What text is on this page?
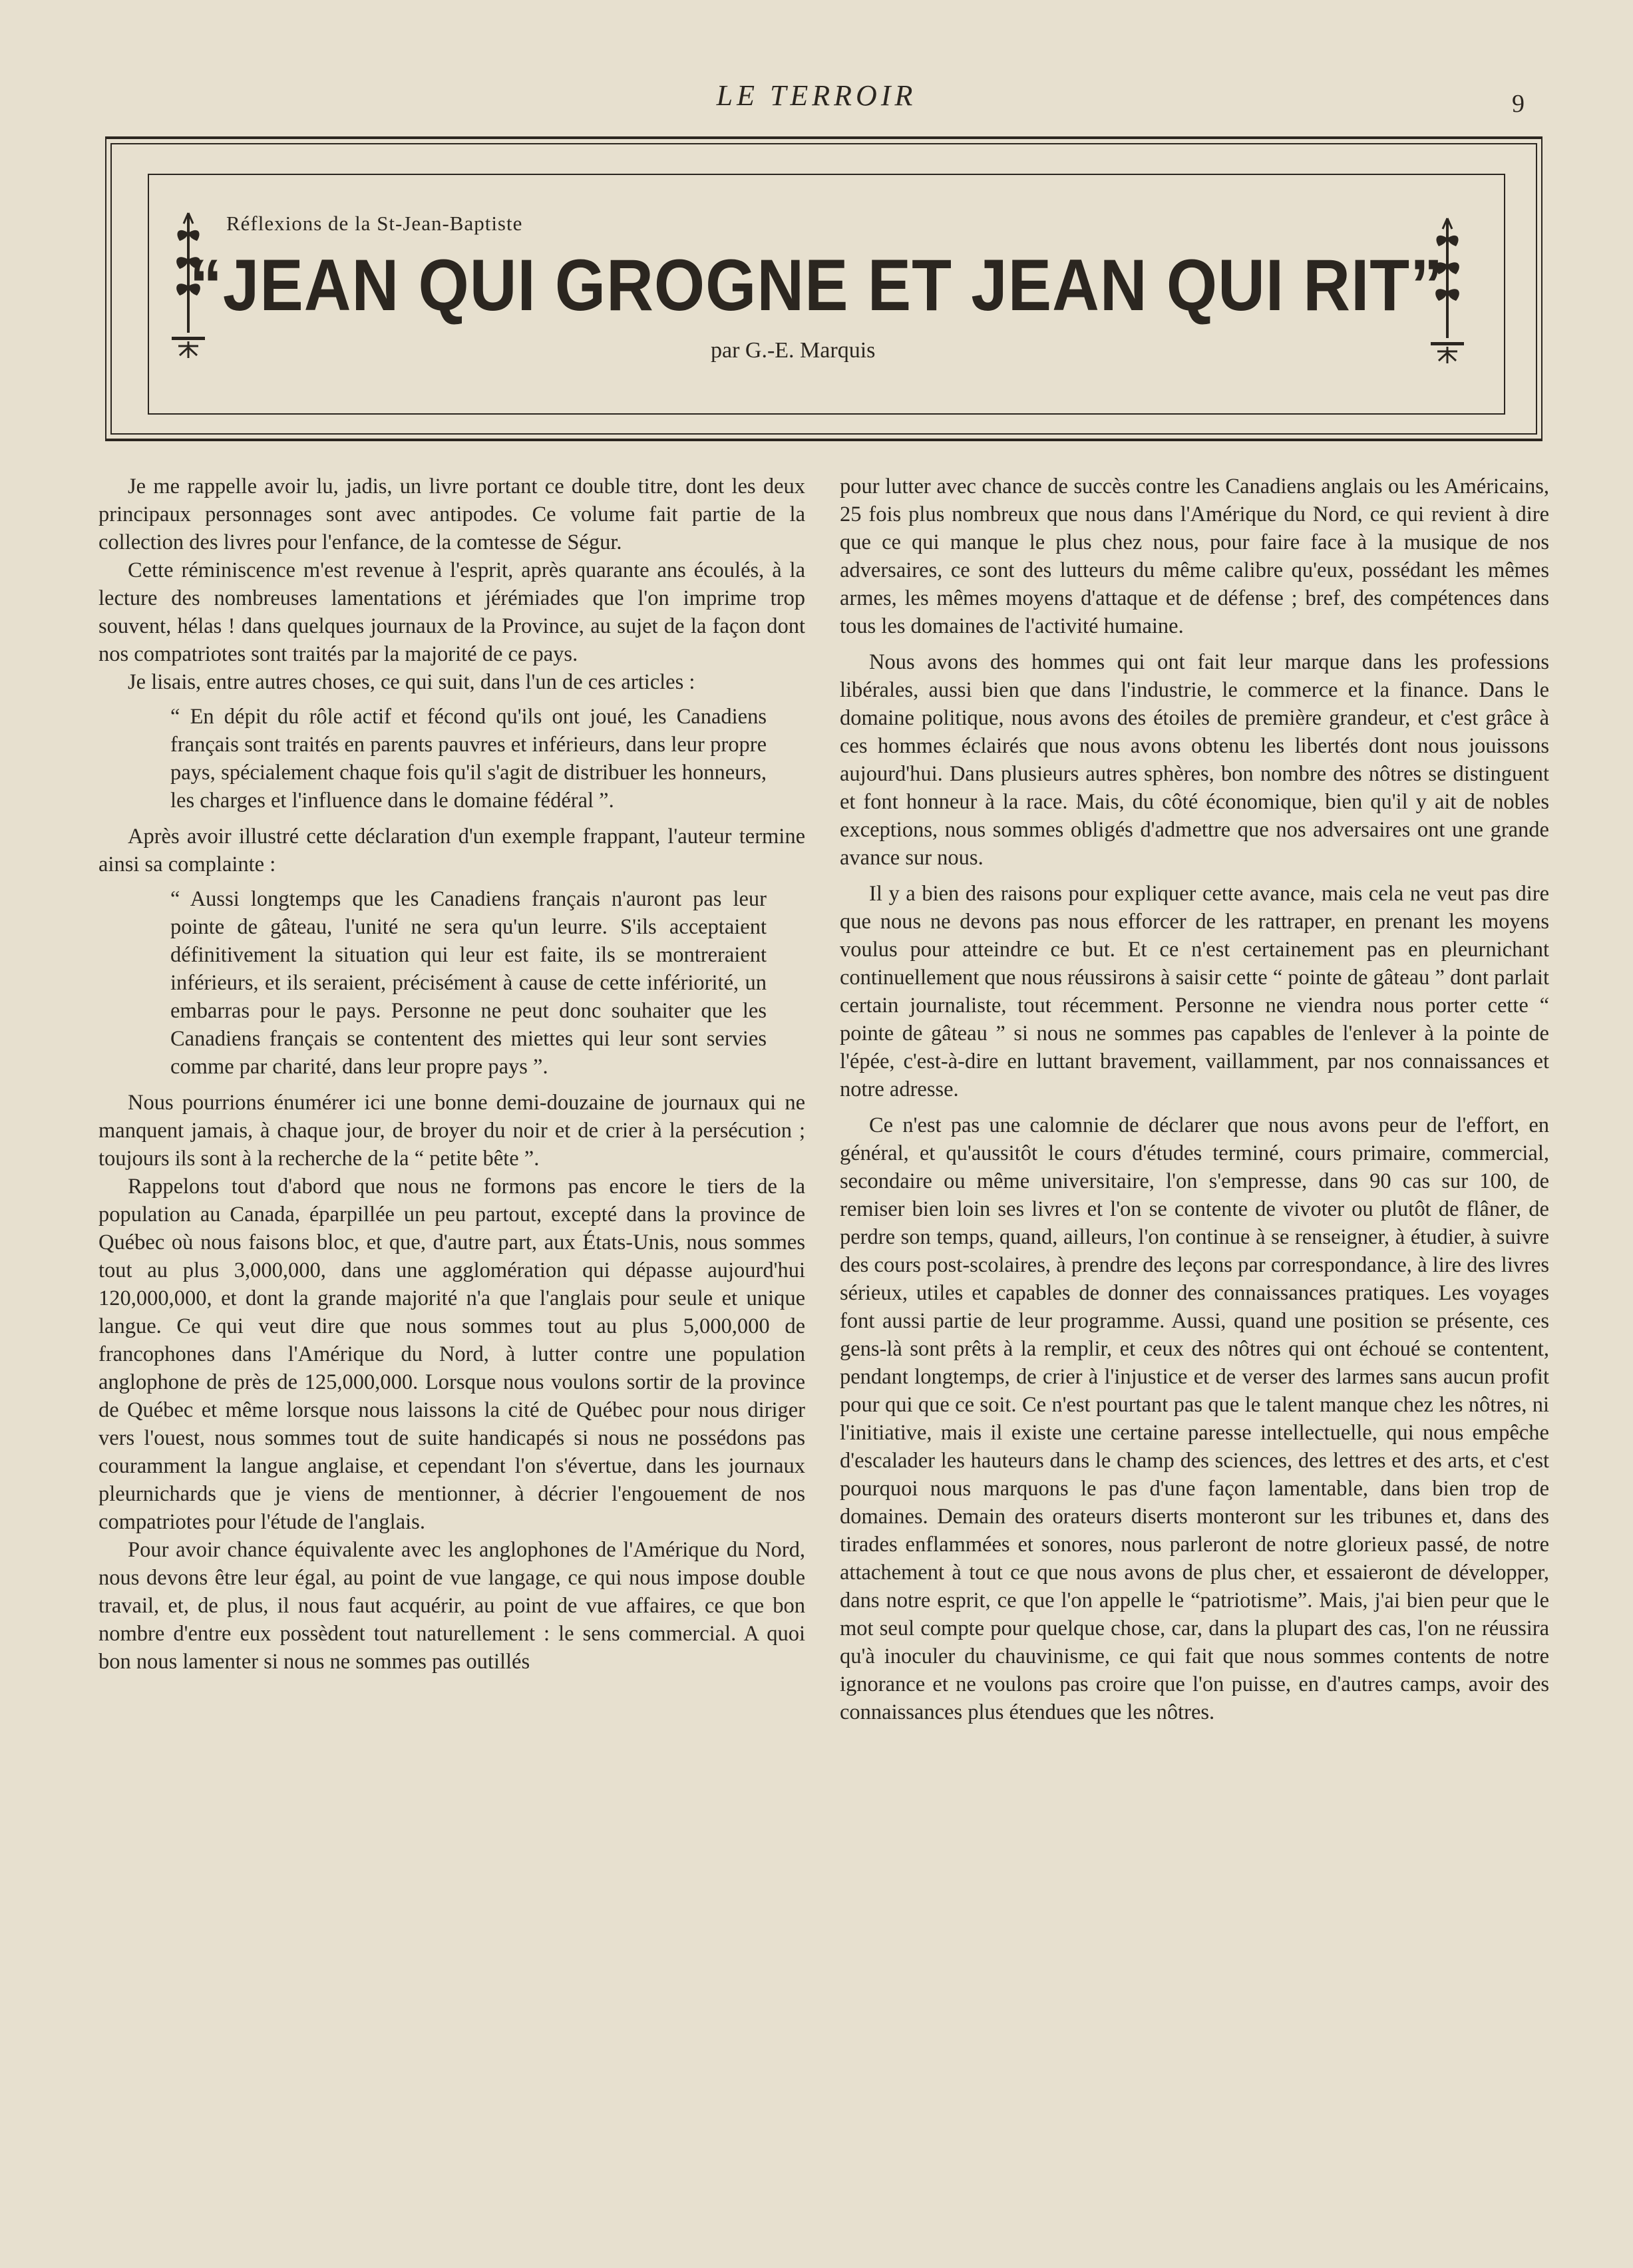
LE TERROIR	9
Réflexions de la St-Jean-Baptiste
“JEAN QUI GROGNE ET JEAN QUI RIT”
par G.-E. Marquis

Je me rappelle avoir lu, jadis, un livre portant ce double titre, dont les deux principaux personnages sont avec antipodes. Ce volume fait partie de la collection des livres pour l'enfance, de la comtesse de Ségur.

Cette réminiscence m'est revenue à l'esprit, après quarante ans écoulés, à la lecture des nombreuses lamentations et jérémiades que l'on imprime trop souvent, hélas ! dans quelques journaux de la Province, au sujet de la façon dont nos compatriotes sont traités par la majorité de ce pays.

Je lisais, entre autres choses, ce qui suit, dans l'un de ces articles :

“ En dépit du rôle actif et fécond qu'ils ont joué, les Canadiens français sont traités en parents pauvres et inférieurs, dans leur propre pays, spécialement chaque fois qu'il s'agit de distribuer les honneurs, les charges et l'influence dans le domaine fédéral ”.

Après avoir illustré cette déclaration d'un exemple frappant, l'auteur termine ainsi sa complainte :

“ Aussi longtemps que les Canadiens français n'auront pas leur pointe de gâteau, l'unité ne sera qu'un leurre. S'ils acceptaient définitivement la situation qui leur est faite, ils se montreraient inférieurs, et ils seraient, précisément à cause de cette infériorité, un embarras pour le pays. Personne ne peut donc souhaiter que les Canadiens français se contentent des miettes qui leur sont servies comme par charité, dans leur propre pays ”.

Nous pourrions énumérer ici une bonne demi-douzaine de journaux qui ne manquent jamais, à chaque jour, de broyer du noir et de crier à la persécution ; toujours ils sont à la recherche de la “ petite bête ”.

Rappelons tout d'abord que nous ne formons pas encore le tiers de la population au Canada, éparpillée un peu partout, excepté dans la province de Québec où nous faisons bloc, et que, d'autre part, aux États-Unis, nous sommes tout au plus 3,000,000, dans une agglomération qui dépasse aujourd'hui 120,000,000, et dont la grande majorité n'a que l'anglais pour seule et unique langue. Ce qui veut dire que nous sommes tout au plus 5,000,000 de francophones dans l'Amérique du Nord, à lutter contre une population anglophone de près de 125,000,000. Lorsque nous voulons sortir de la province de Québec et même lorsque nous laissons la cité de Québec pour nous diriger vers l'ouest, nous sommes tout de suite handicapés si nous ne possédons pas couramment la langue anglaise, et cependant l'on s'évertue, dans les journaux pleurnichards que je viens de mentionner, à décrier l'engouement de nos compatriotes pour l'étude de l'anglais.

Pour avoir chance équivalente avec les anglophones de l'Amérique du Nord, nous devons être leur égal, au point de vue langage, ce qui nous impose double travail, et, de plus, il nous faut acquérir, au point de vue affaires, ce que bon nombre d'entre eux possèdent tout naturellement : le sens commercial. A quoi bon nous lamenter si nous ne sommes pas outillés

pour lutter avec chance de succès contre les Canadiens anglais ou les Américains, 25 fois plus nombreux que nous dans l'Amérique du Nord, ce qui revient à dire que ce qui manque le plus chez nous, pour faire face à la musique de nos adversaires, ce sont des lutteurs du même calibre qu'eux, possédant les mêmes armes, les mêmes moyens d'attaque et de défense ; bref, des compétences dans tous les domaines de l'activité humaine.

Nous avons des hommes qui ont fait leur marque dans les professions libérales, aussi bien que dans l'industrie, le commerce et la finance. Dans le domaine politique, nous avons des étoiles de première grandeur, et c'est grâce à ces hommes éclairés que nous avons obtenu les libertés dont nous jouissons aujourd'hui. Dans plusieurs autres sphères, bon nombre des nôtres se distinguent et font honneur à la race. Mais, du côté économique, bien qu'il y ait de nobles exceptions, nous sommes obligés d'admettre que nos adversaires ont une grande avance sur nous.

Il y a bien des raisons pour expliquer cette avance, mais cela ne veut pas dire que nous ne devons pas nous efforcer de les rattraper, en prenant les moyens voulus pour atteindre ce but. Et ce n'est certainement pas en pleurnichant continuellement que nous réussirons à saisir cette “ pointe de gâteau ” dont parlait certain journaliste, tout récemment. Personne ne viendra nous porter cette “ pointe de gâteau ” si nous ne sommes pas capables de l'enlever à la pointe de l'épée, c'est-à-dire en luttant bravement, vaillamment, par nos connaissances et notre adresse.

Ce n'est pas une calomnie de déclarer que nous avons peur de l'effort, en général, et qu'aussitôt le cours d'études terminé, cours primaire, commercial, secondaire ou même universitaire, l'on s'empresse, dans 90 cas sur 100, de remiser bien loin ses livres et l'on se contente de vivoter ou plutôt de flâner, de perdre son temps, quand, ailleurs, l'on continue à se renseigner, à étudier, à suivre des cours post-scolaires, à prendre des leçons par correspondance, à lire des livres sérieux, utiles et capables de donner des connaissances pratiques. Les voyages font aussi partie de leur programme. Aussi, quand une position se présente, ces gens-là sont prêts à la remplir, et ceux des nôtres qui ont échoué se contentent, pendant longtemps, de crier à l'injustice et de verser des larmes sans aucun profit pour qui que ce soit. Ce n'est pourtant pas que le talent manque chez les nôtres, ni l'initiative, mais il existe une certaine paresse intellectuelle, qui nous empêche d'escalader les hauteurs dans le champ des sciences, des lettres et des arts, et c'est pourquoi nous marquons le pas d'une façon lamentable, dans bien trop de domaines. Demain des orateurs diserts monteront sur les tribunes et, dans des tirades enflammées et sonores, nous parleront de notre glorieux passé, de notre attachement à tout ce que nous avons de plus cher, et essaieront de développer, dans notre esprit, ce que l'on appelle le “patriotisme”. Mais, j'ai bien peur que le mot seul compte pour quelque chose, car, dans la plupart des cas, l'on ne réussira qu'à inoculer du chauvinisme, ce qui fait que nous sommes contents de notre ignorance et ne voulons pas croire que l'on puisse, en d'autres camps, avoir des connaissances plus étendues que les nôtres.
